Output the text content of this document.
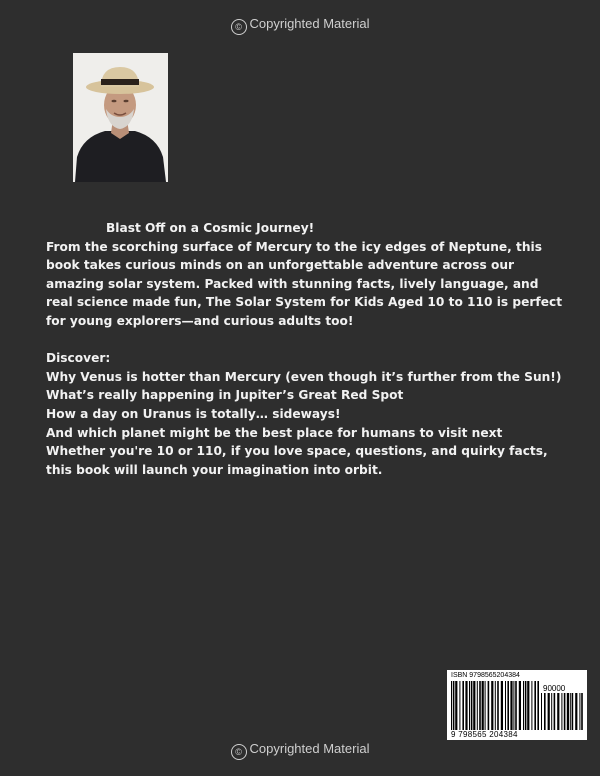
© Copyrighted Material

Blast Off on a Cosmic Journey!

From the scorching surface of Mercury to the icy edges of Neptune, this book takes curious minds on an unforgettable adventure across our amazing solar system. Packed with stunning facts, lively language, and real science made fun, The Solar System for Kids Aged 10 to 110 is perfect for young explorers—and curious adults too!

Discover:

Why Venus is hotter than Mercury (even though it’s further from the Sun!)

What’s really happening in Jupiter’s Great Red Spot

How a day on Uranus is totally… sideways!

And which planet might be the best place for humans to visit next

Whether you're 10 or 110, if you love space, questions, and quirky facts, this book will launch your imagination into orbit.

ISBN 9798565204384
90000
9 798565 204384
© Copyrighted Material
